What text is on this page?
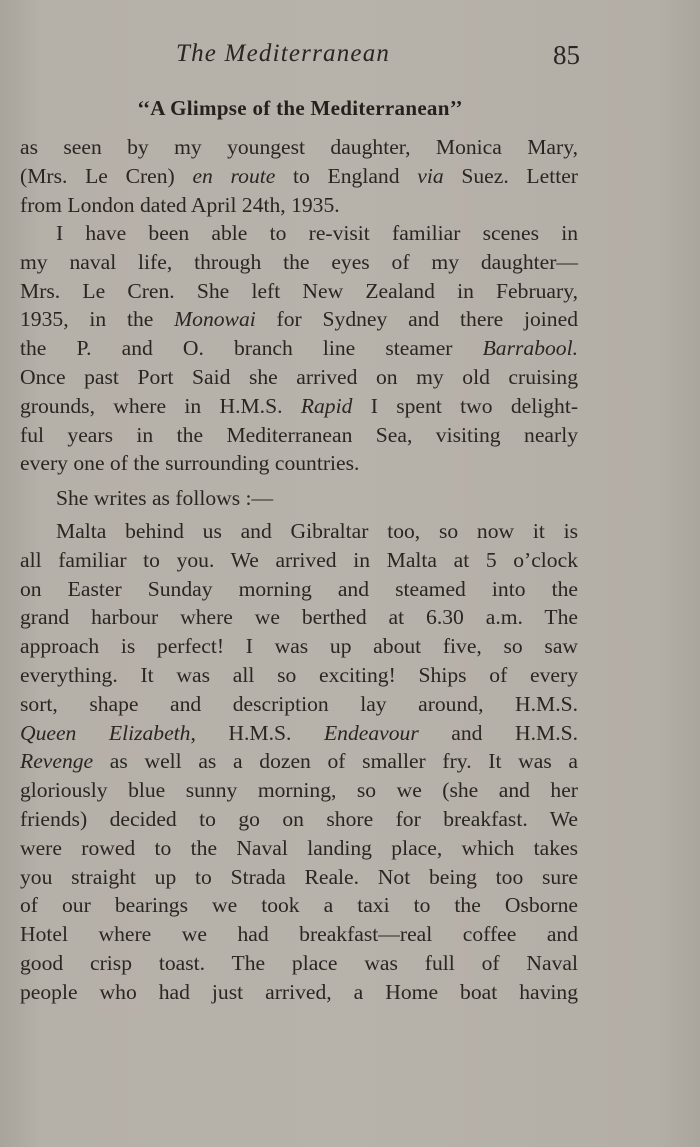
The Mediterranean	85
‘‘A Glimpse of the Mediterranean’’
as seen by my youngest daughter, Monica Mary,
(Mrs. Le Cren) en route to England via Suez. Letter
from London dated April 24th, 1935.
I have been able to re-visit familiar scenes in
my naval life, through the eyes of my daughter—
Mrs. Le Cren. She left New Zealand in February,
1935, in the Monowai for Sydney and there joined
the P. and O. branch line steamer Barrabool.
Once past Port Said she arrived on my old cruising
grounds, where in H.M.S. Rapid I spent two delight-
ful years in the Mediterranean Sea, visiting nearly
every one of the surrounding countries.
She writes as follows :—
Malta behind us and Gibraltar too, so now it is
all familiar to you. We arrived in Malta at 5 o’clock
on Easter Sunday morning and steamed into the
grand harbour where we berthed at 6.30 a.m. The
approach is perfect! I was up about five, so saw
everything. It was all so exciting! Ships of every
sort, shape and description lay around, H.M.S.
Queen Elizabeth, H.M.S. Endeavour and H.M.S.
Revenge as well as a dozen of smaller fry. It was a
gloriously blue sunny morning, so we (she and her
friends) decided to go on shore for breakfast. We
were rowed to the Naval landing place, which takes
you straight up to Strada Reale. Not being too sure
of our bearings we took a taxi to the Osborne
Hotel where we had breakfast—real coffee and
good crisp toast. The place was full of Naval
people who had just arrived, a Home boat having
